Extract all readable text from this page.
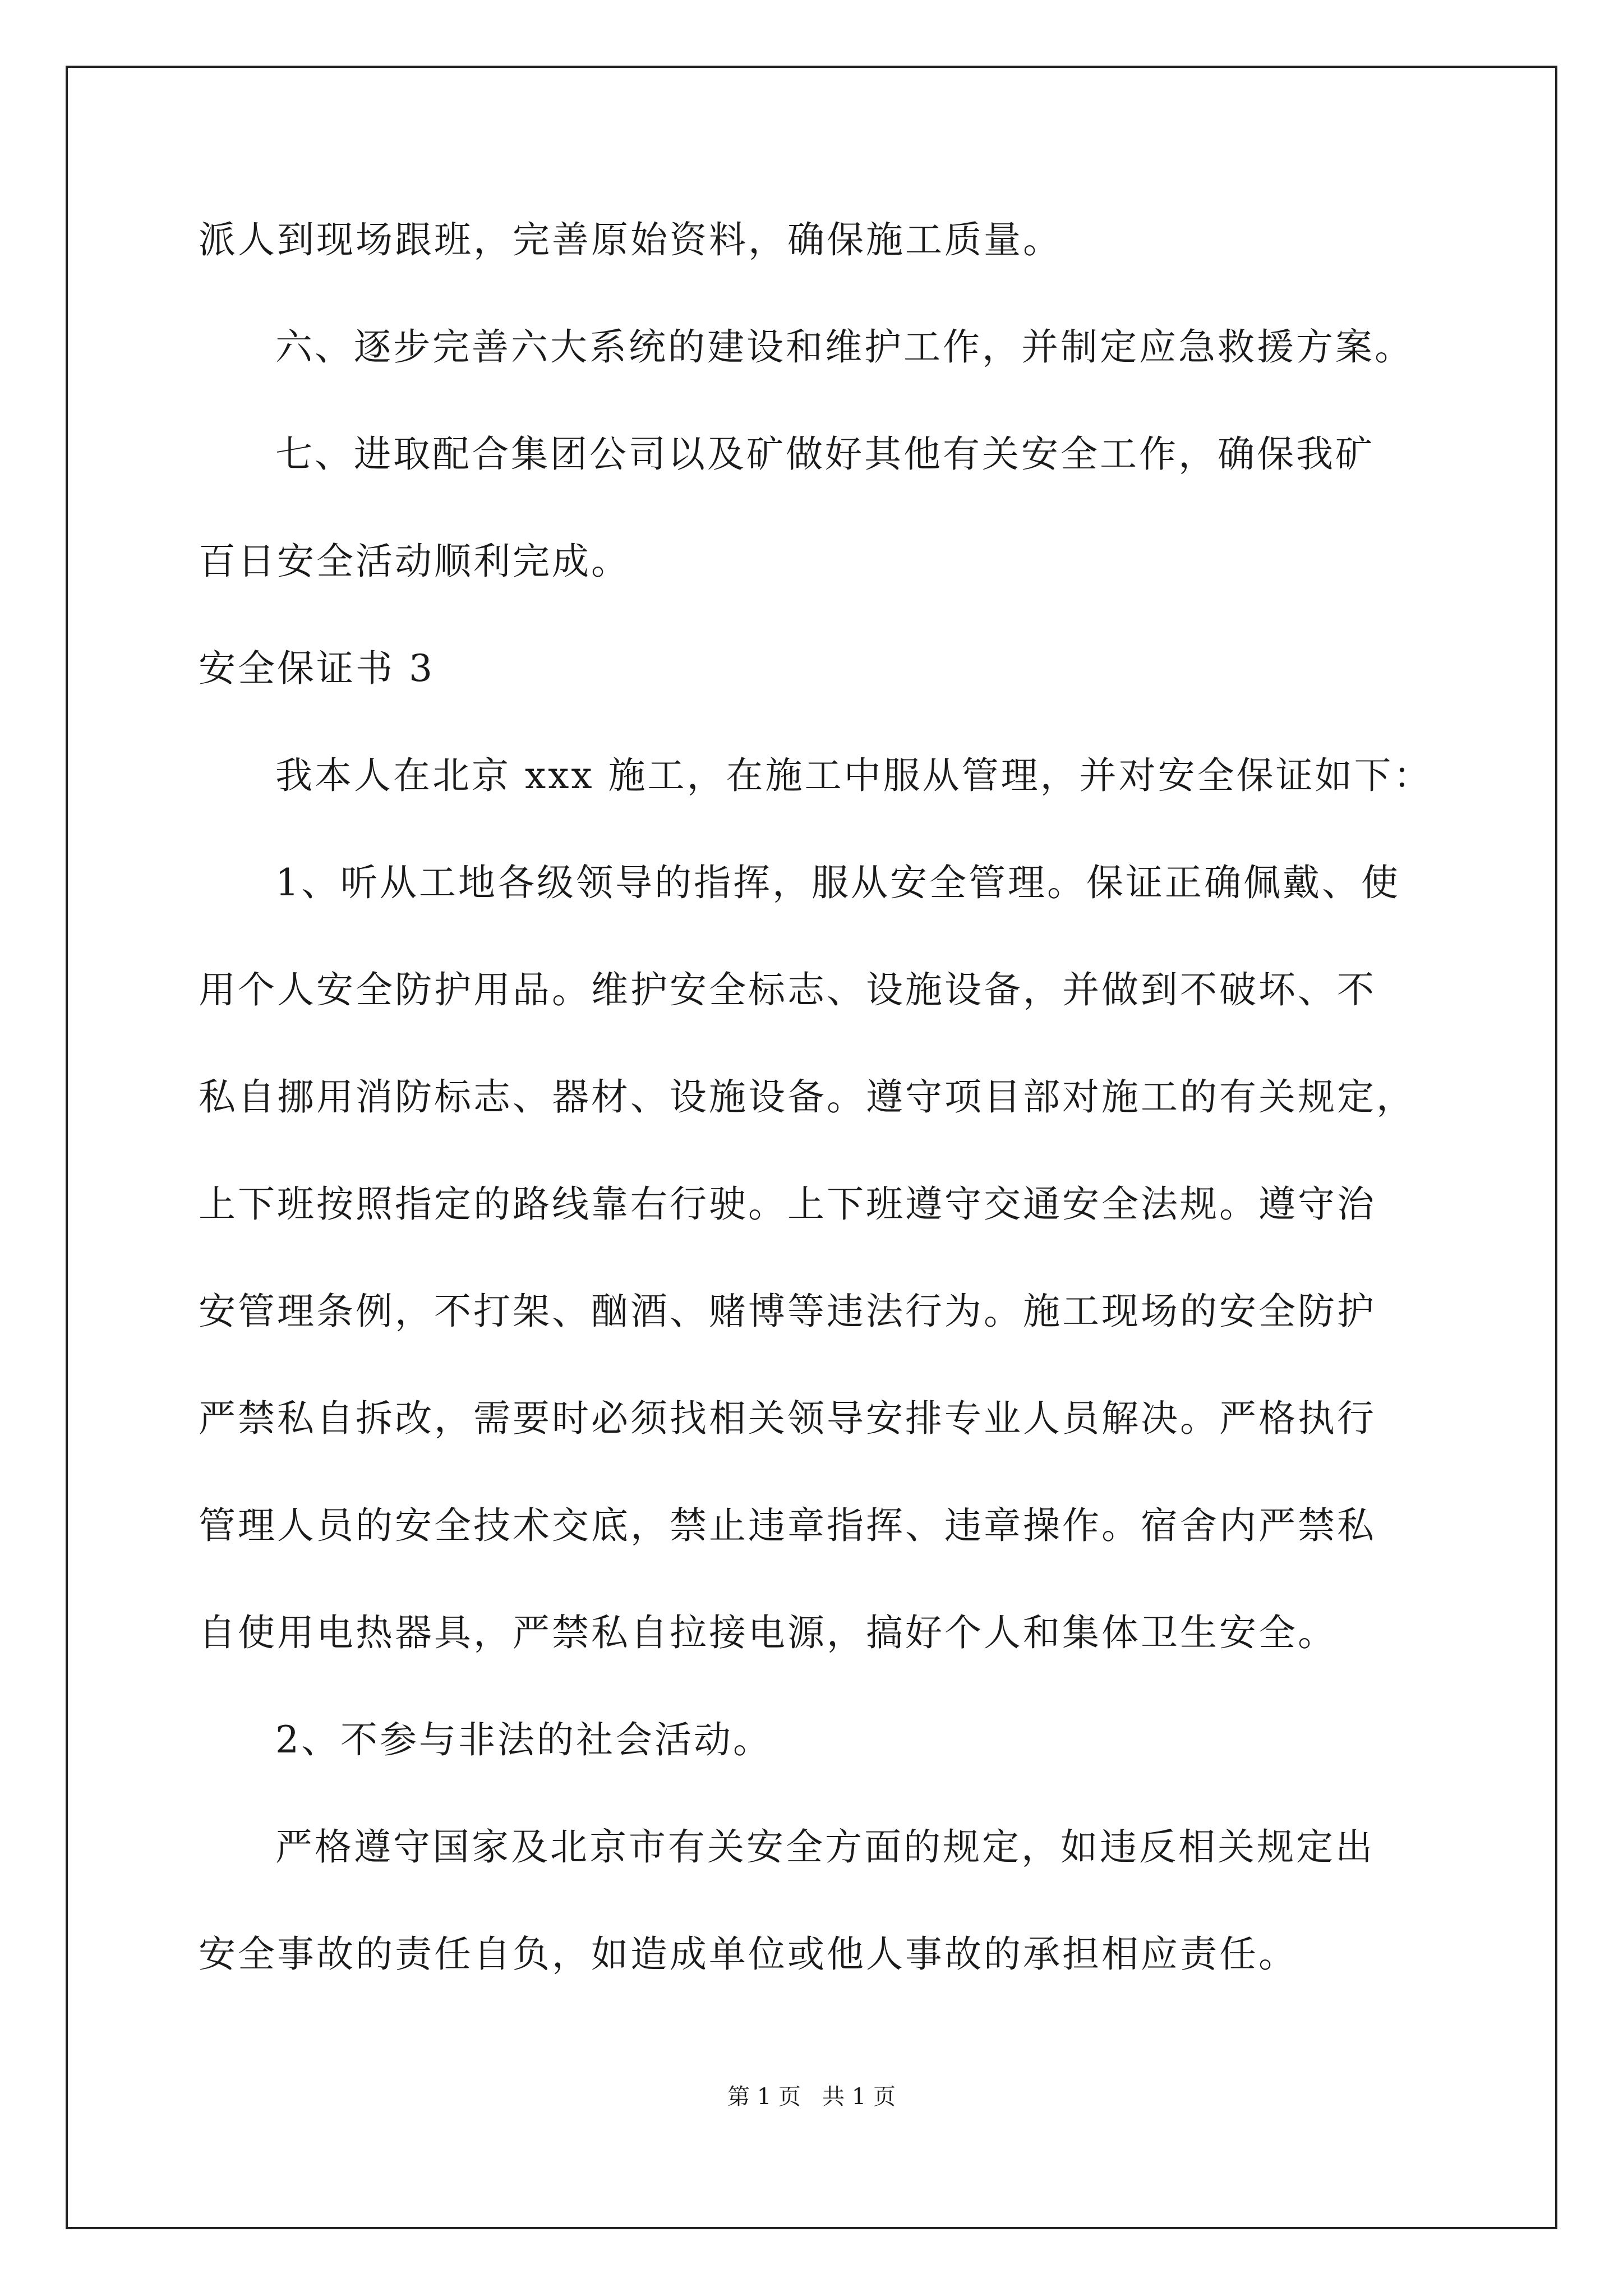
派人到现场跟班，完善原始资料，确保施工质量。
六、逐步完善六大系统的建设和维护工作，并制定应急救援方案。
七、进取配合集团公司以及矿做好其他有关安全工作，确保我矿
百日安全活动顺利完成。
安全保证书 3
我本人在北京 xxx 施工，在施工中服从管理，并对安全保证如下：
1、听从工地各级领导的指挥，服从安全管理。保证正确佩戴、使
用个人安全防护用品。维护安全标志、设施设备，并做到不破坏、不
私自挪用消防标志、器材、设施设备。遵守项目部对施工的有关规定，
上下班按照指定的路线靠右行驶。上下班遵守交通安全法规。遵守治
安管理条例，不打架、酗酒、赌博等违法行为。施工现场的安全防护
严禁私自拆改，需要时必须找相关领导安排专业人员解决。严格执行
管理人员的安全技术交底，禁止违章指挥、违章操作。宿舍内严禁私
自使用电热器具，严禁私自拉接电源，搞好个人和集体卫生安全。
2、不参与非法的社会活动。
严格遵守国家及北京市有关安全方面的规定，如违反相关规定出
安全事故的责任自负，如造成单位或他人事故的承担相应责任。
第 1 页   共 1 页
